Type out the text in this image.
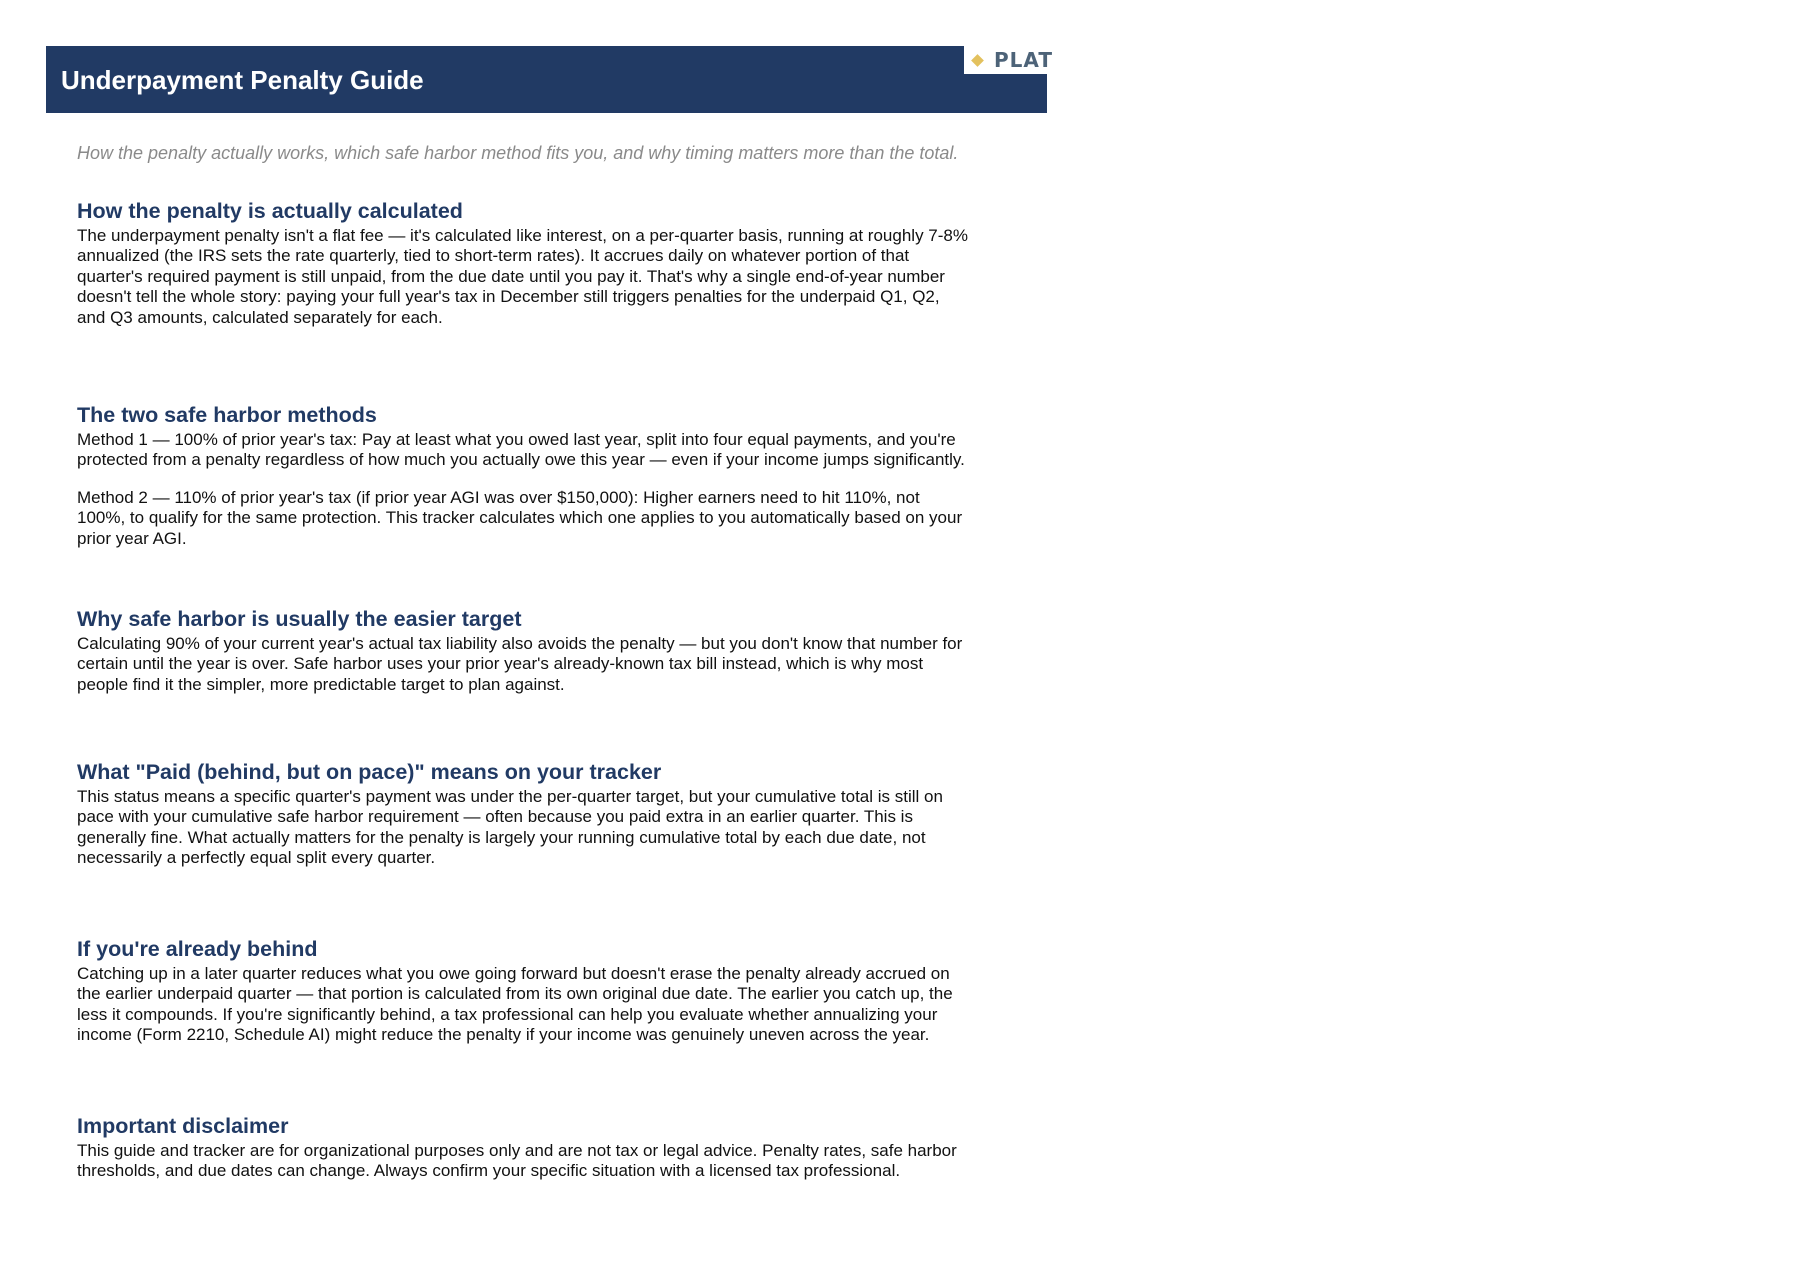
Underpayment Penalty Guide
PLAT
How the penalty actually works, which safe harbor method fits you, and why timing matters more than the total.
How the penalty is actually calculated

The underpayment penalty isn't a flat fee — it's calculated like interest, on a per-quarter basis, running at roughly 7-8% annualized (the IRS sets the rate quarterly, tied to short-term rates). It accrues daily on whatever portion of that quarter's required payment is still unpaid, from the due date until you pay it. That's why a single end-of-year number doesn't tell the whole story: paying your full year's tax in December still triggers penalties for the underpaid Q1, Q2, and Q3 amounts, calculated separately for each.

The two safe harbor methods

Method 1 — 100% of prior year's tax: Pay at least what you owed last year, split into four equal payments, and you're protected from a penalty regardless of how much you actually owe this year — even if your income jumps significantly.

Method 2 — 110% of prior year's tax (if prior year AGI was over $150,000): Higher earners need to hit 110%, not 100%, to qualify for the same protection. This tracker calculates which one applies to you automatically based on your prior year AGI.

Why safe harbor is usually the easier target

Calculating 90% of your current year's actual tax liability also avoids the penalty — but you don't know that number for certain until the year is over. Safe harbor uses your prior year's already-known tax bill instead, which is why most people find it the simpler, more predictable target to plan against.

What "Paid (behind, but on pace)" means on your tracker

This status means a specific quarter's payment was under the per-quarter target, but your cumulative total is still on pace with your cumulative safe harbor requirement — often because you paid extra in an earlier quarter. This is generally fine. What actually matters for the penalty is largely your running cumulative total by each due date, not necessarily a perfectly equal split every quarter.

If you're already behind

Catching up in a later quarter reduces what you owe going forward but doesn't erase the penalty already accrued on the earlier underpaid quarter — that portion is calculated from its own original due date. The earlier you catch up, the less it compounds. If you're significantly behind, a tax professional can help you evaluate whether annualizing your income (Form 2210, Schedule AI) might reduce the penalty if your income was genuinely uneven across the year.

Important disclaimer

This guide and tracker are for organizational purposes only and are not tax or legal advice. Penalty rates, safe harbor thresholds, and due dates can change. Always confirm your specific situation with a licensed tax professional.
